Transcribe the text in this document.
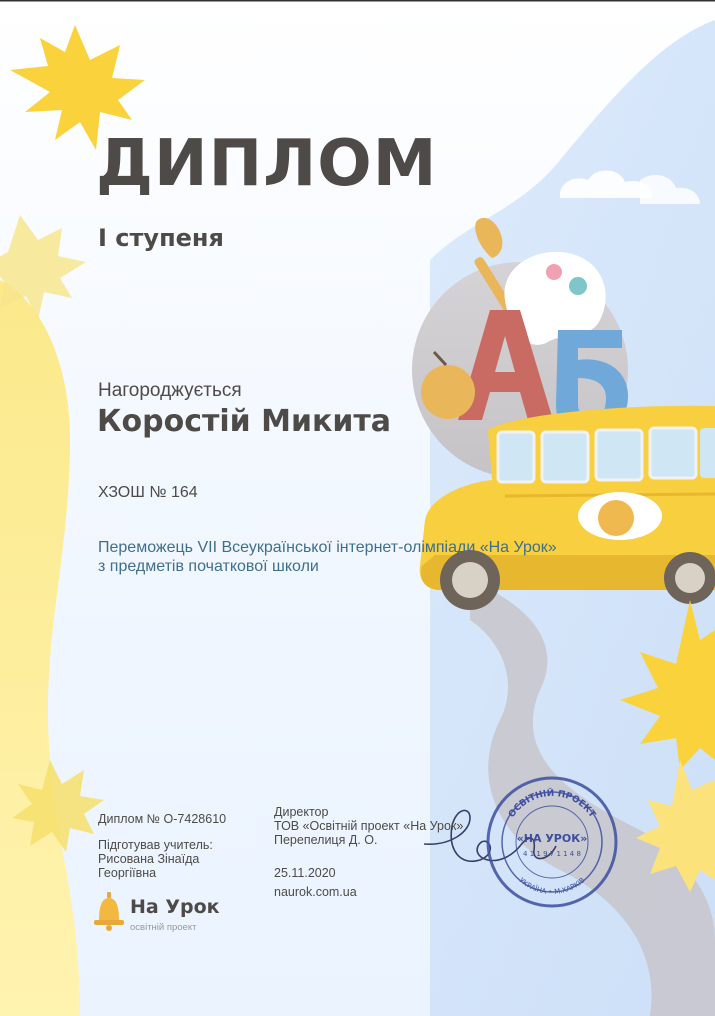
ДИПЛОМ
І ступеня
Нагороджується
Коростій Микита
ХЗОШ № 164
Переможець VII Всеукраїнської інтернет-олімпіади «На Урок»
з предметів початкової школи
Диплом № О-7428610
Підготував учитель:
Рисована Зінаїда
Георгіївна
Директор
ТОВ «Освітній проект «На Урок»
Перепелиця Д. О.
25.11.2020
naurok.com.ua
На Урок
освітній проект
ОСВІТНІЙ ПРОЕКТ
«НА УРОК»
4 1 1 9 7 1 1 4 8
УКРАЇНА • М.ХАРКІВ
